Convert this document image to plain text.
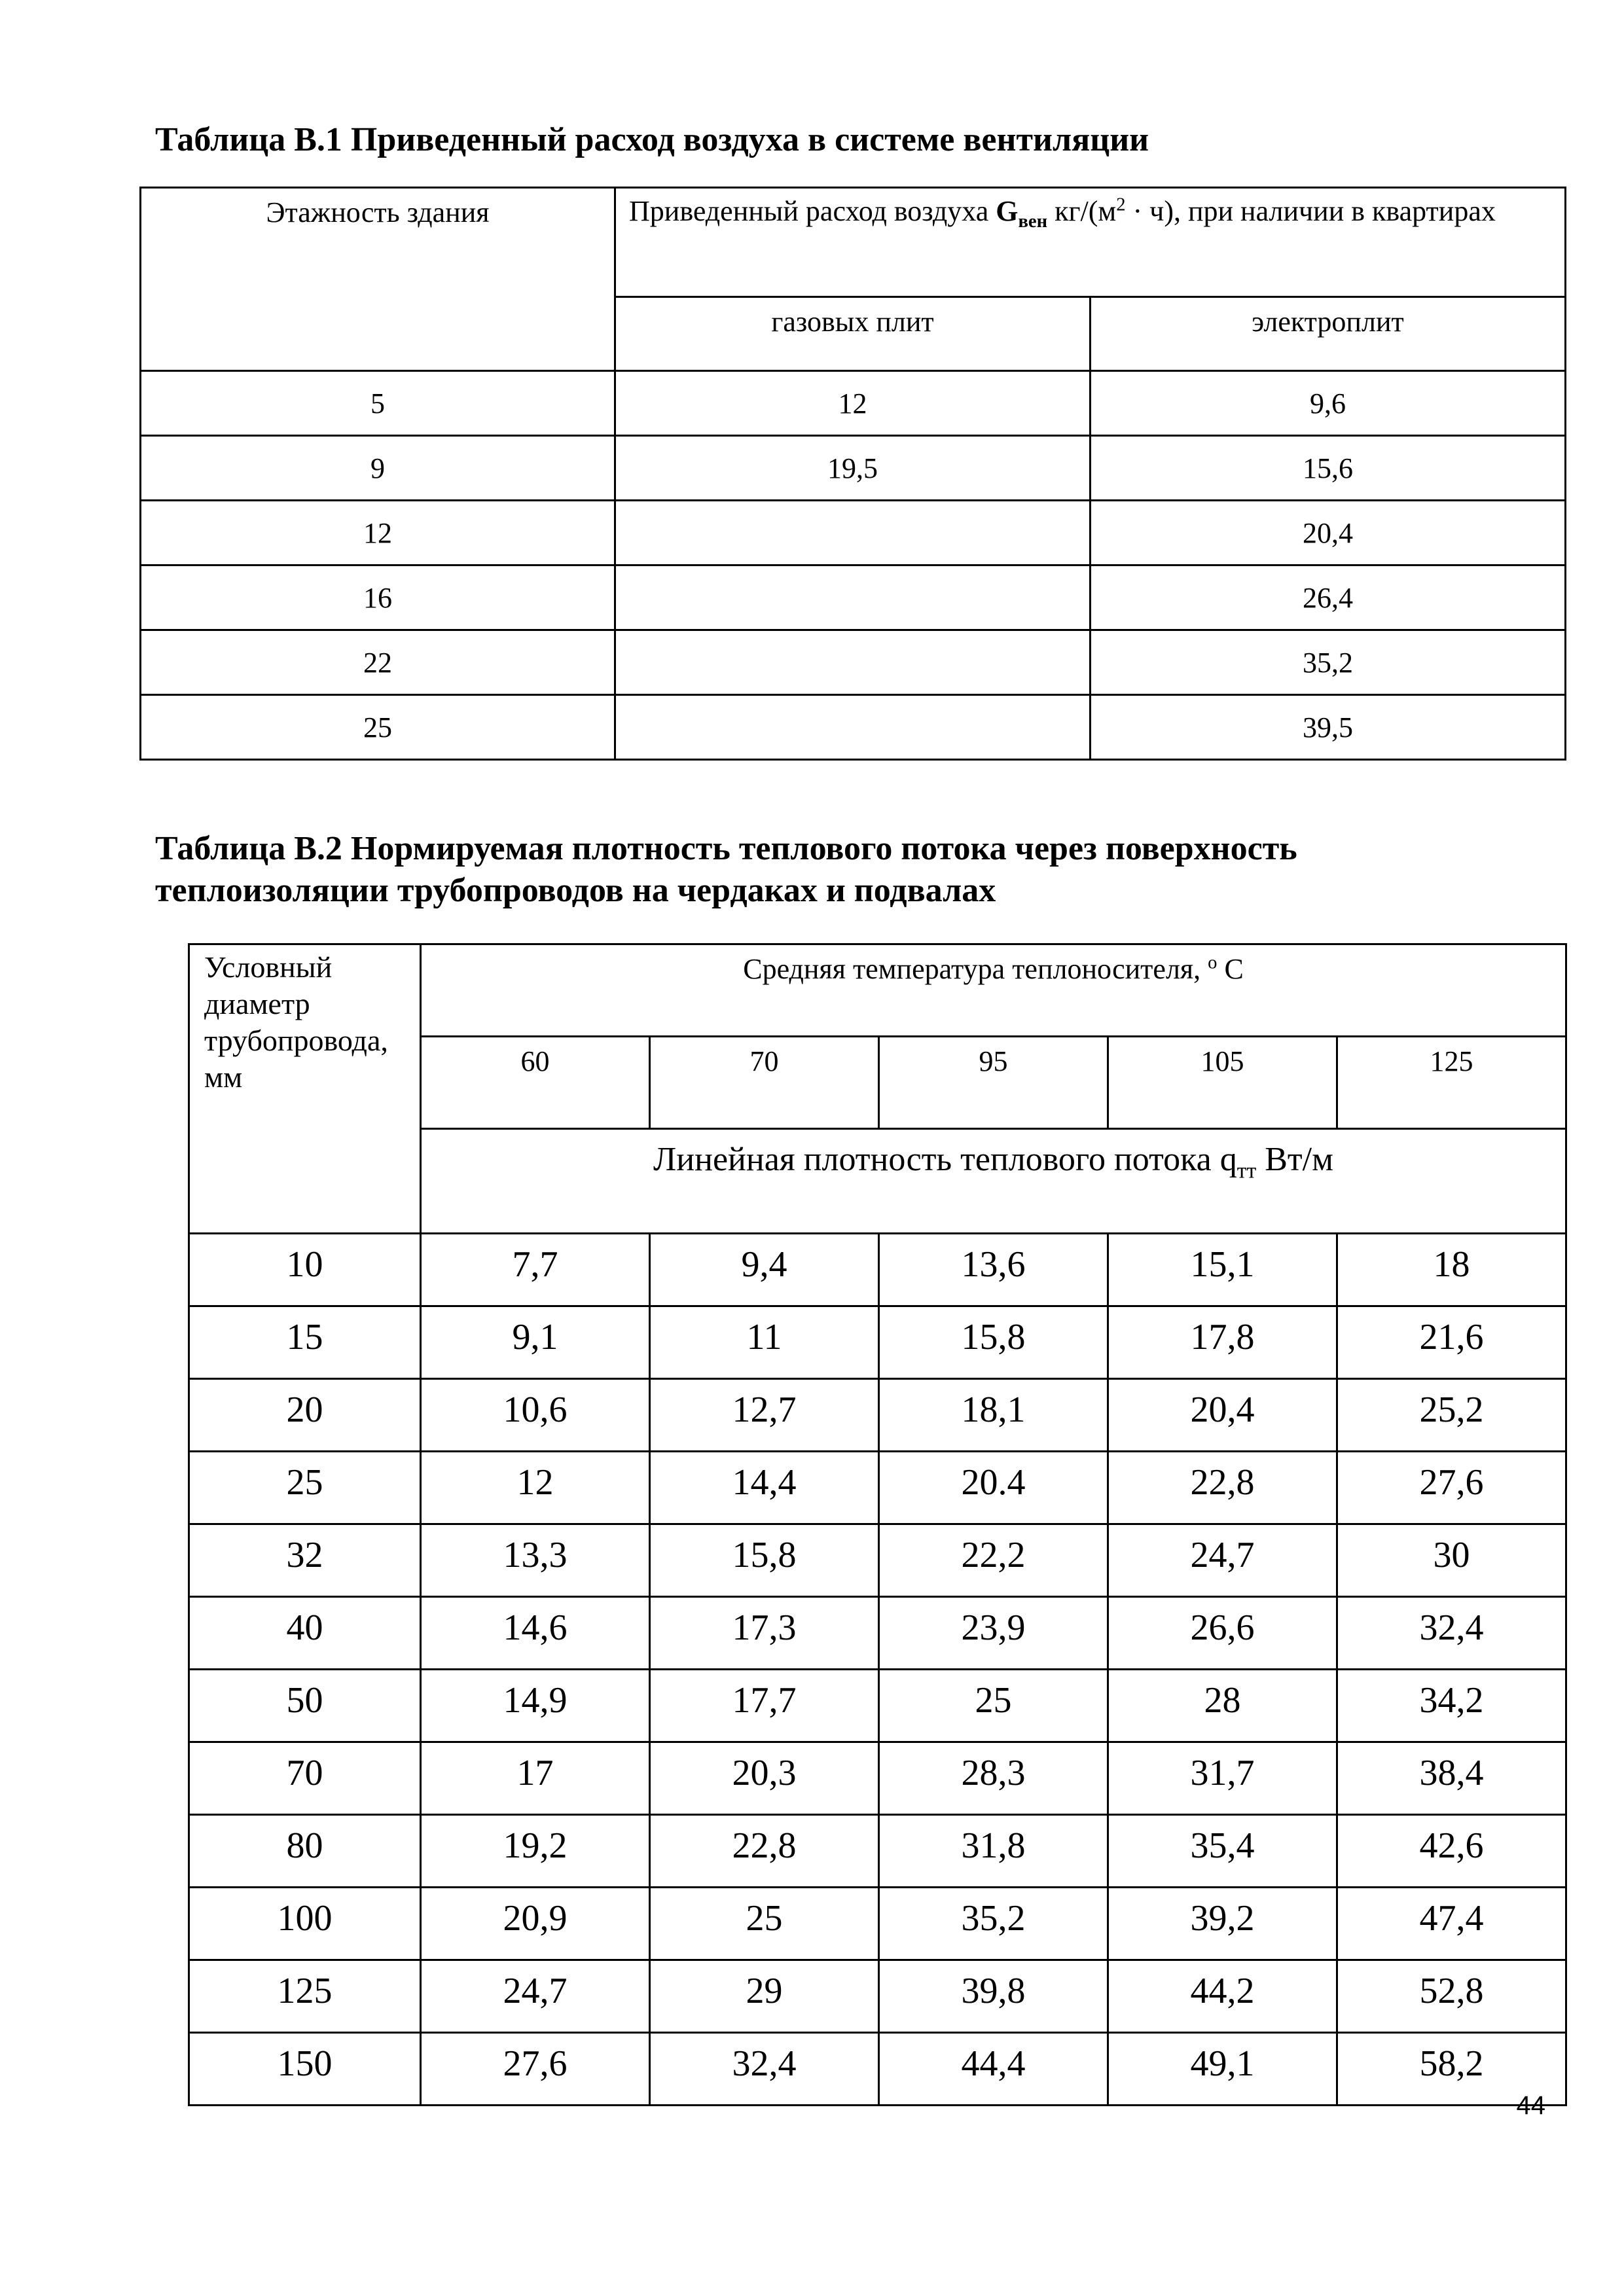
Таблица В.1 Приведенный расход воздуха в системе вентиляции
Этажность здания	Приведенный расход воздуха $G_{вен}$ $кг/(м^2 \cdot ч)$, при наличии в квартирах	
	газовых плит	электроплит
5	12	9,6
9	19,5	15,6
12		20,4
16		26,4
22		35,2
25		39,5
Таблица В.2 Нормируемая плотность теплового потока через поверхность
теплоизоляции трубопроводов на чердаках и подвалах
Условный диаметр трубопровода, мм	Средняя температура теплоносителя, $^o$ С				
	60	70	95	105	125
	Линейная плотность теплового потока $q_{тт}$ Вт/м				
10	7,7	9,4	13,6	15,1	18
15	9,1	11	15,8	17,8	21,6
20	10,6	12,7	18,1	20,4	25,2
25	12	14,4	20.4	22,8	27,6
32	13,3	15,8	22,2	24,7	30
40	14,6	17,3	23,9	26,6	32,4
50	14,9	17,7	25	28	34,2
70	17	20,3	28,3	31,7	38,4
80	19,2	22,8	31,8	35,4	42,6
100	20,9	25	35,2	39,2	47,4
125	24,7	29	39,8	44,2	52,8
150	27,6	32,4	44,4	49,1	58,2
44
